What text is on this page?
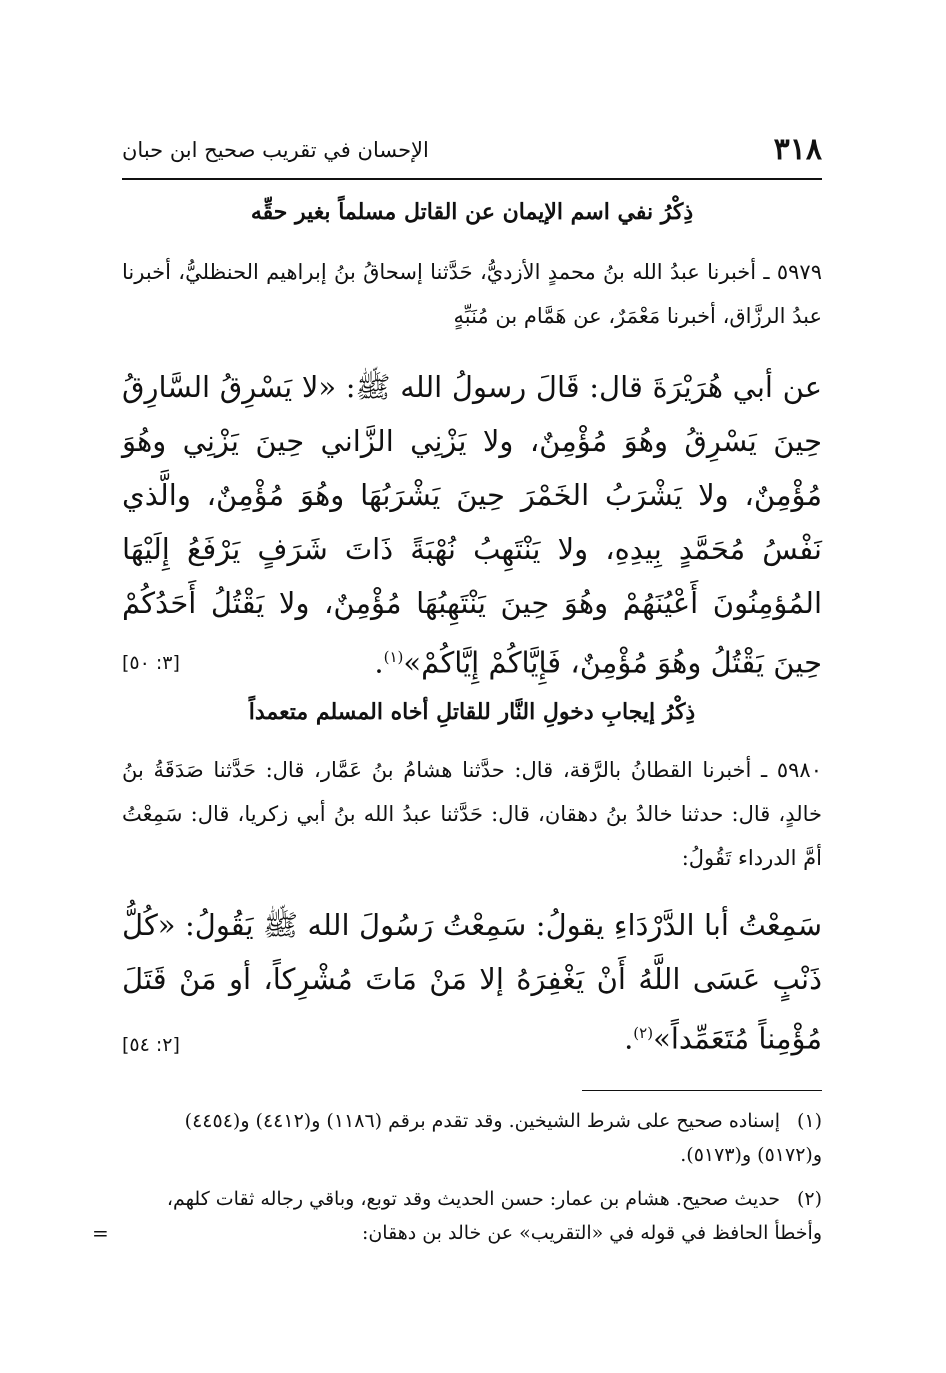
٣١٨
الإحسان في تقريب صحيح ابن حبان
ذِكْرُ نفي اسم الإيمان عن القاتل مسلماً بغير حقِّه
٥٩٧٩ ـ أخبرنا عبدُ الله بنُ محمدٍ الأزديُّ، حَدَّثنا إسحاقُ بنُ إبراهيم الحنظليُّ، أخبرنا عبدُ الرزَّاق، أخبرنا مَعْمَرٌ، عن هَمَّام بن مُنَبِّهٍ
عن أبي هُرَيْرَةَ قال: قَالَ رسولُ الله ﷺ: «لا يَسْرِقُ السَّارِقُ حِينَ يَسْرِقُ وهُوَ مُؤْمِنٌ، ولا يَزْنِي الزَّاني حِينَ يَزْنِي وهُوَ مُؤْمِنٌ، ولا يَشْرَبُ الخَمْرَ حِينَ يَشْرَبُهَا وهُوَ مُؤْمِنٌ، والَّذي نَفْسُ مُحَمَّدٍ بِيدِهِ، ولا يَنْتَهِبُ نُهْبَةً ذَاتَ شَرَفٍ يَرْفَعُ إِلَيْهَا المُؤمِنُونَ أَعْيُنَهُمْ وهُوَ حِينَ يَنْتَهِبُهَا مُؤْمِنٌ، ولا يَقْتُلُ أَحَدُكُمْ حِينَ يَقْتُلُ وهُوَ مُؤْمِنٌ، فَإِيَّاكُمْ إِيَّاكُمْ»$^{(١)}$.
[٣: ٥٠]
ذِكْرُ إيجابِ دخولِ النَّار للقاتلِ أخاه المسلم متعمداً
٥٩٨٠ ـ أخبرنا القطانُ بالرَّقة، قال: حدَّثنا هشامُ بنُ عَمَّار، قال: حَدَّثنا صَدَقَةُ بنُ خالدٍ، قال: حدثنا خالدُ بنُ دهقان، قال: حَدَّثنا عبدُ الله بنُ أبي زكريا، قال: سَمِعْتُ أمَّ الدرداء تَقُولُ:
سَمِعْتُ أبا الدَّرْدَاءِ يقولُ: سَمِعْتُ رَسُولَ الله ﷺ يَقُولُ: «كُلُّ ذَنْبٍ عَسَى اللَّهُ أَنْ يَغْفِرَهُ إلا مَنْ مَاتَ مُشْرِكاً، أو مَنْ قَتَلَ مُؤْمِناً مُتَعَمِّداً»$^{(٢)}$.
[٢: ٥٤]
(١)إسناده صحيح على شرط الشيخين. وقد تقدم برقم (١١٨٦) و(٤٤١٢) و(٤٤٥٤) و(٥١٧٢) و(٥١٧٣).
(٢)حديث صحيح. هشام بن عمار: حسن الحديث وقد توبع، وباقي رجاله ثقات كلهم، وأخطأ الحافظ في قوله في «التقريب» عن خالد بن دهقان:
=
